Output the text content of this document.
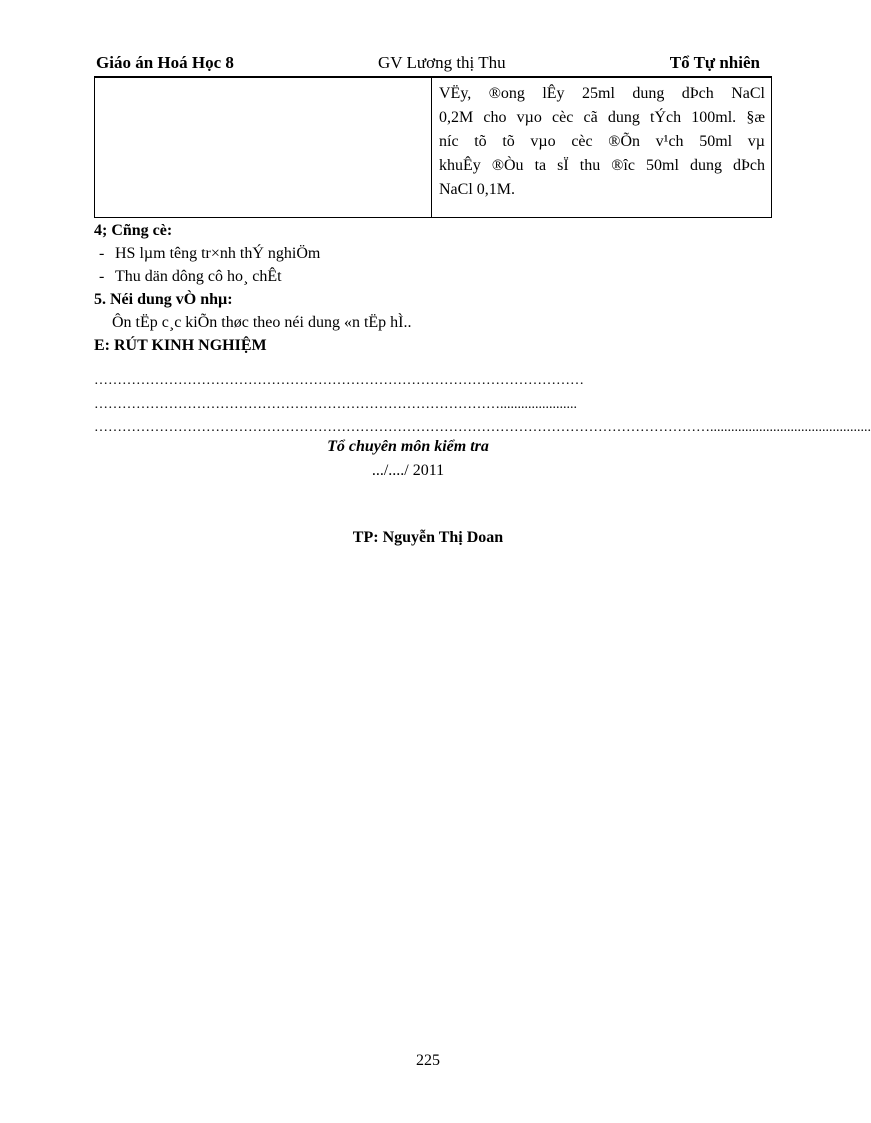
Giáo án Hoá Học 8	GV Lương thị Thu	Tổ Tự nhiên
VËy, ®ong lÊy 25ml dung dÞch NaCl
0,2M cho vµo cèc cã dung tÝch 100ml. §æ
níc tõ tõ vµo cèc ®Õn v¹ch 50ml vµ
khuÊy ®Òu ta sÏ thu ®îc 50ml dung dÞch
NaCl 0,1M.
4; Cñng cè:
- HS lµm têng tr×nh thÝ nghiÖm
- Thu dän dông cô ho¸ chÊt
5. Néi dung vÒ nhµ:
Ôn tËp c¸c kiÕn thøc theo néi dung «n tËp hÌ..
E: RÚT KINH NGHIỆM
……………………………………………………………………………………………
……………………………………………………………………………......................
……………………………………………………………………………………………………………………..............................................
Tổ chuyên môn kiểm tra
.../..../ 2011
TP: Nguyễn Thị Doan
225
